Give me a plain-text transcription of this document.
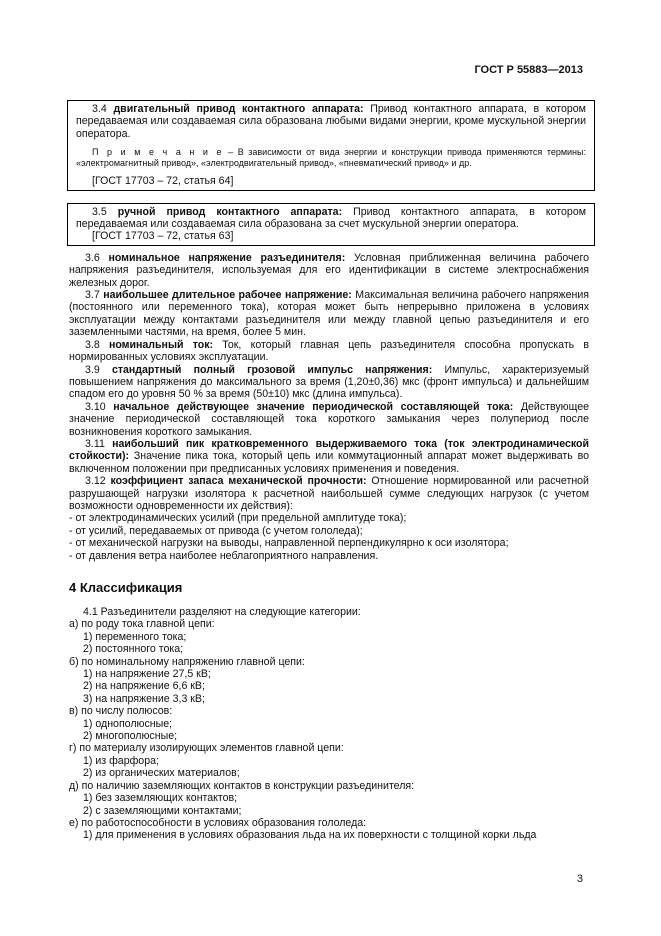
ГОСТ Р 55883—2013

3.4 двигательный привод контактного аппарата: Привод контактного аппарата, в котором передаваемая или создаваемая сила образована любыми видами энергии, кроме мускульной энергии оператора.

П р и м е ч а н и е – В зависимости от вида энергии и конструкции привода применяются термины: «электромагнитный привод», «электродвигательный привод», «пневматический привод» и др.

[ГОСТ 17703 – 72, статья 64]

3.5 ручной привод контактного аппарата: Привод контактного аппарата, в котором передаваемая или создаваемая сила образована за счет мускульной энергии оператора.

[ГОСТ 17703 – 72, статья 63]

3.6 номинальное напряжение разъединителя: Условная приближенная величина рабочего напряжения разъединителя, используемая для его идентификации в системе электроснабжения железных дорог.

3.7 наибольшее длительное рабочее напряжение: Максимальная величина рабочего напряжения (постоянного или переменного тока), которая может быть непрерывно приложена в условиях эксплуатации между контактами разъединителя или между главной цепью разъединителя и его заземленными частями, на время, более 5 мин.

3.8 номинальный ток: Ток, который главная цепь разъединителя способна пропускать в нормированных условиях эксплуатации.

3.9 стандартный полный грозовой импульс напряжения: Импульс, характеризуемый повышением напряжения до максимального за время (1,20±0,36) мкс (фронт импульса) и дальнейшим спадом его до уровня 50 % за время (50±10) мкс (длина импульса).

3.10 начальное действующее значение периодической составляющей тока: Действующее значение периодической составляющей тока короткого замыкания через полупериод после возникновения короткого замыкания.

3.11 наибольший пик кратковременного выдерживаемого тока (ток электродинамической стойкости): Значение пика тока, который цепь или коммутационный аппарат может выдерживать во включенном положении при предписанных условиях применения и поведения.

3.12 коэффициент запаса механической прочности: Отношение нормированной или расчетной разрушающей нагрузки изолятора к расчетной наибольшей сумме следующих нагрузок (с учетом возможности одновременности их действия):

- от электродинамических усилий (при предельной амплитуде тока);

- от усилий, передаваемых от привода (с учетом гололеда);

- от механической нагрузки на выводы, направленной перпендикулярно к оси изолятора;

- от давления ветра наиболее неблагоприятного направления.

4 Классификация

4.1 Разъединители разделяют на следующие категории:

а) по роду тока главной цепи:

1) переменного тока;

2) постоянного тока;

б) по номинальному напряжению главной цепи:

1) на напряжение 27,5 кВ;

2) на напряжение 6,6 кВ;

3) на напряжение 3,3 кВ;

в) по числу полюсов:

1) однополюсные;

2) многополюсные;

г) по материалу изолирующих элементов главной цепи:

1) из фарфора;

2) из органических материалов;

д) по наличию заземляющих контактов в конструкции разъединителя:

1) без заземляющих контактов;

2) с заземляющими контактами;

е) по работоспособности в условиях образования гололеда:

1) для применения в условиях образования льда на их поверхности с толщиной корки льда

3
